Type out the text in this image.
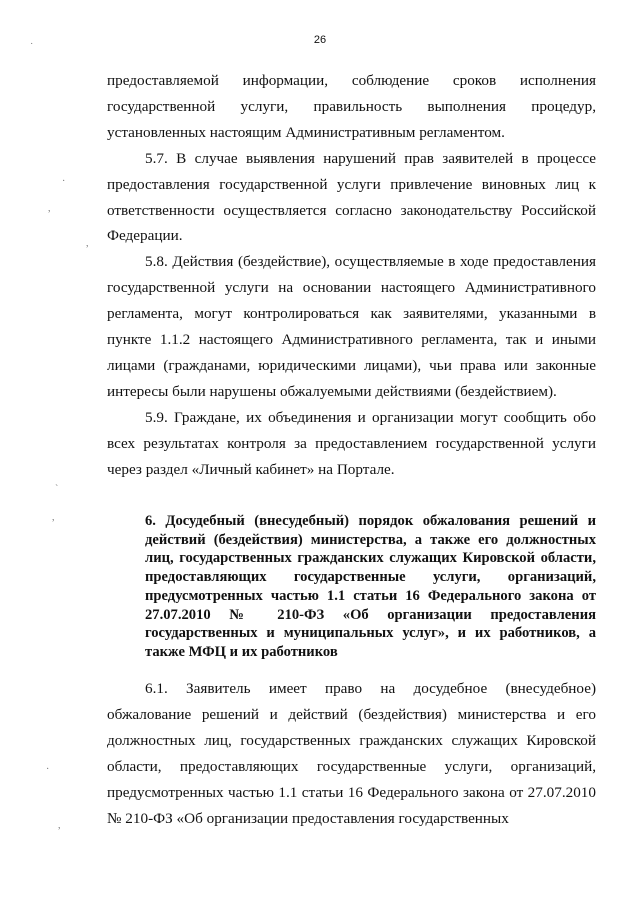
26

предоставляемой информации, соблюдение сроков исполнения государственной услуги, правильность выполнения процедур, установленных настоящим Административным регламентом.

5.7. В случае выявления нарушений прав заявителей в процессе предоставления государственной услуги привлечение виновных лиц к ответственности осуществляется согласно законодательству Российской Федерации.

5.8. Действия (бездействие), осуществляемые в ходе предоставления государственной услуги на основании настоящего Административного регламента, могут контролироваться как заявителями, указанными в пункте 1.1.2 настоящего Административного регламента, так и иными лицами (гражданами, юридическими лицами), чьи права или законные интересы были нарушены обжалуемыми действиями (бездействием).

5.9. Граждане, их объединения и организации могут сообщить обо всех результатах контроля за предоставлением государственной услуги через раздел «Личный кабинет» на Портале.

6. Досудебный (внесудебный) порядок обжалования решений и действий (бездействия) министерства, а также его должностных лиц, государственных гражданских служащих Кировской области, предоставляющих государственные услуги, организаций, предусмотренных частью 1.1 статьи 16 Федерального закона от 27.07.2010 № 210-ФЗ «Об организации предоставления государственных и муниципальных услуг», и их работников, а также МФЦ и их работников

6.1. Заявитель имеет право на досудебное (внесудебное) обжалование решений и действий (бездействия) министерства и его должностных лиц, государственных гражданских служащих Кировской области, предоставляющих государственные услуги, организаций, предусмотренных частью 1.1 статьи 16 Федерального закона от 27.07.2010 № 210-ФЗ «Об организации предоставления государственных

˙
·
,
,
`
,
·
,
